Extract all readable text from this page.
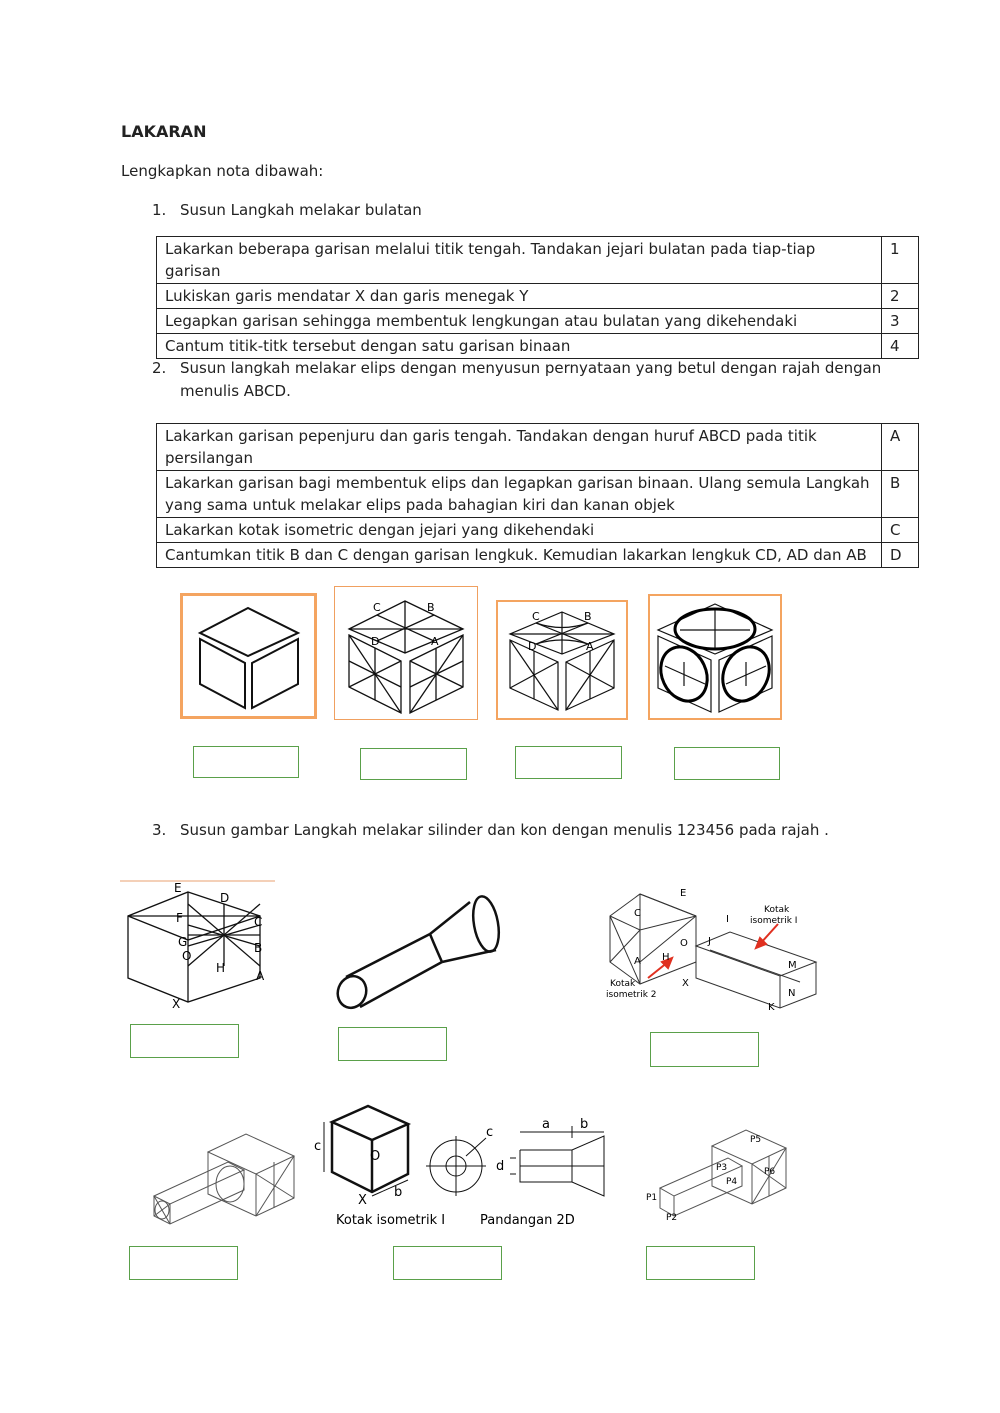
LAKARAN
Lengkapkan nota dibawah:
1. Susun Langkah melakar bulatan
Lakarkan beberapa garisan melalui titik tengah. Tandakan jejari bulatan pada tiap-tiap garisan	1
Lukiskan garis mendatar X dan garis menegak Y	2
Legapkan garisan sehingga membentuk lengkungan atau bulatan yang dikehendaki	3
Cantum titik-titk tersebut dengan satu garisan binaan	4
2. Susun langkah melakar elips dengan menyusun pernyataan yang betul dengan rajah dengan
menulis ABCD.
Lakarkan garisan pepenjuru dan garis tengah. Tandakan dengan huruf ABCD pada titik persilangan	A
Lakarkan garisan bagi membentuk elips dan legapkan garisan binaan. Ulang semula Langkah yang sama untuk melakar elips pada bahagian kiri dan kanan objek	B
Lakarkan kotak isometric dengan jejari yang dikehendaki	C
Cantumkan titik B dan C dengan garisan lengkuk. Kemudian lakarkan lengkuk CD, AD dan AB	D
C	B
D	A
C	B
D	A
3. Susun gambar Langkah melakar silinder dan kon dengan menulis 123456 pada rajah .
E
D
F	C
G	B
O
H
A
X
E
C
I
O J
H
A
X
M
N
K
Kotak
isometrik I
Kotak
isometrik 2
c
O
X
b
a b
c
d
Kotak isometrik I	Pandangan 2D
P1
P2
P3
P4
P5
P6
